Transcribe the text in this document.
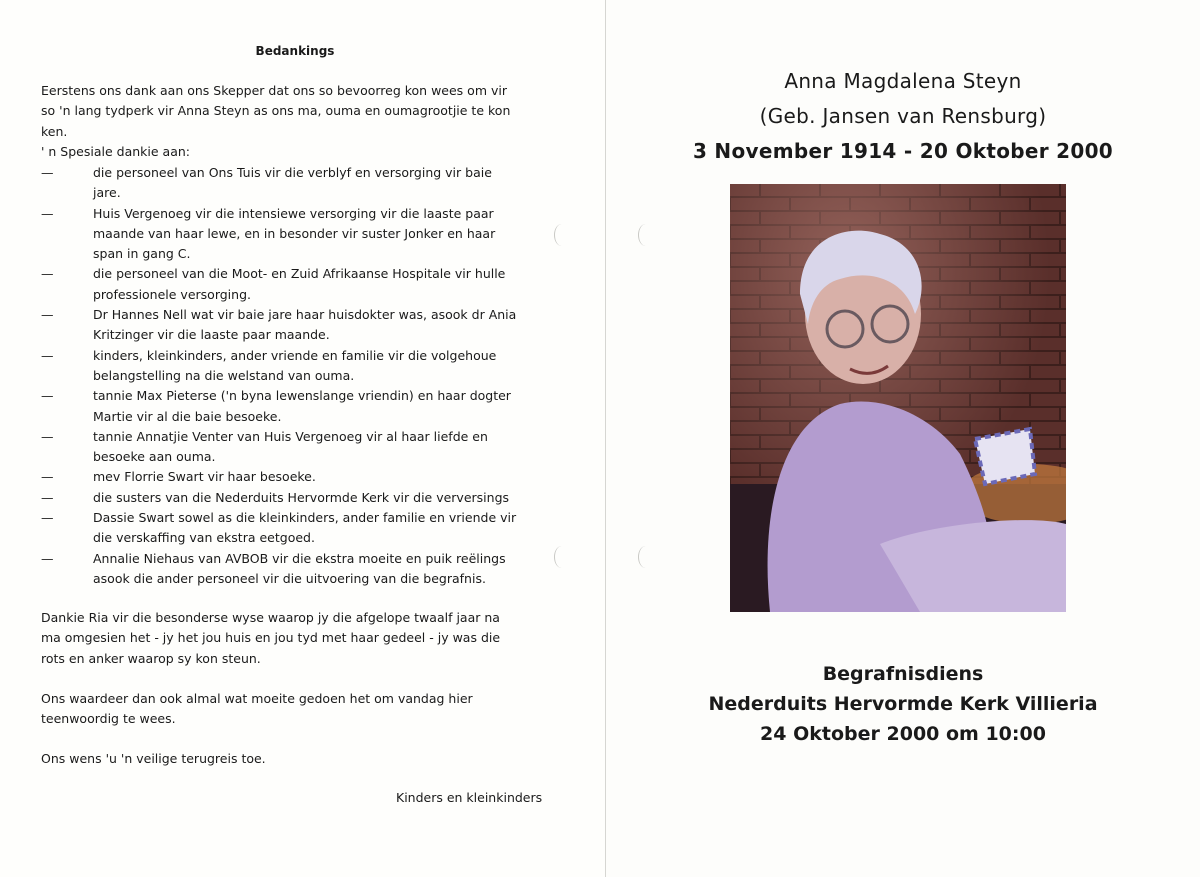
Bedankings
Eerstens ons dank aan ons Skepper dat ons so bevoorreg kon wees om vir
so 'n lang tydperk vir Anna Steyn as ons ma, ouma en oumagrootjie te kon
ken.
' n Spesiale dankie aan:
—	die personeel van Ons Tuis vir die verblyf en versorging vir baie
jare.
—	Huis Vergenoeg vir die intensiewe versorging vir die laaste paar
maande van haar lewe, en in besonder vir suster Jonker en haar
span in gang C.
—	die personeel van die Moot- en Zuid Afrikaanse Hospitale vir hulle
professionele versorging.
—	Dr Hannes Nell wat vir baie jare haar huisdokter was, asook dr Ania
Kritzinger vir die laaste paar maande.
—	kinders, kleinkinders, ander vriende en familie vir die volgehoue
belangstelling na die welstand van ouma.
—	tannie Max Pieterse ('n byna lewenslange vriendin) en haar dogter
Martie vir al die baie besoeke.
—	tannie Annatjie Venter van Huis Vergenoeg vir al haar liefde en
besoeke aan ouma.
—	mev Florrie Swart vir haar besoeke.
—	die susters van die Nederduits Hervormde Kerk vir die verversings
—	Dassie Swart sowel as die kleinkinders, ander familie en vriende vir
die verskaffing van ekstra eetgoed.
—	Annalie Niehaus van AVBOB vir die ekstra moeite en puik reëlings
asook die ander personeel vir die uitvoering van die begrafnis.
Dankie Ria vir die besonderse wyse waarop jy die afgelope twaalf jaar na
ma omgesien het - jy het jou huis en jou tyd met haar gedeel - jy was die
rots en anker waarop sy kon steun.
Ons waardeer dan ook almal wat moeite gedoen het om vandag hier
teenwoordig te wees.
Ons wens 'u 'n veilige terugreis toe.
Kinders en kleinkinders
Anna Magdalena Steyn
(Geb. Jansen van Rensburg)
3 November 1914 - 20 Oktober 2000
Begrafnisdiens
Nederduits Hervormde Kerk Villieria
24 Oktober 2000 om 10:00
